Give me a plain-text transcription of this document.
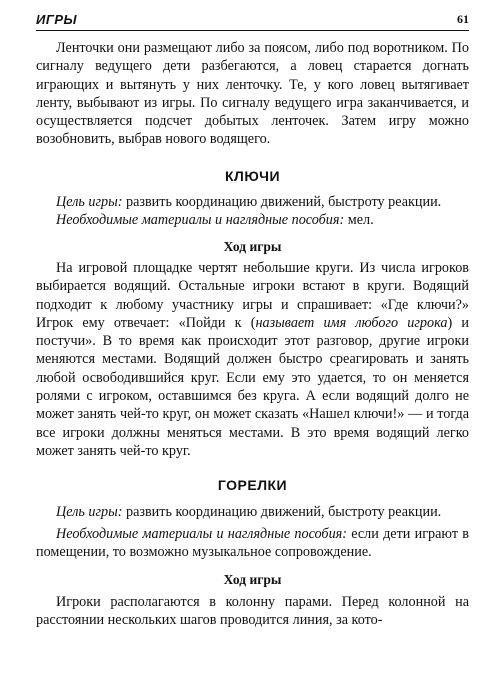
ИГРЫ	61

Ленточки они размещают либо за поясом, либо под воротником. По сигналу ведущего дети разбегаются, а ловец старается догнать играющих и вытянуть у них ленточку. Те, у кого ловец вытягивает ленту, выбывают из игры. По сигналу ведущего игра заканчивается, и осуществляется подсчет добытых ленточек. Затем игру можно возобновить, выбрав нового водящего.

КЛЮЧИ

Цель игры: развить координацию движений, быстроту реакции.

Необходимые материалы и наглядные пособия: мел.

Ход игры

На игровой площадке чертят небольшие круги. Из числа игроков выбирается водящий. Остальные игроки встают в круги. Водящий подходит к любому участнику игры и спрашивает: «Где ключи?» Игрок ему отвечает: «Пойди к (называет имя любого игрока) и постучи». В то время как происходит этот разговор, другие игроки меняются местами. Водящий должен быстро среагировать и занять любой освободившийся круг. Если ему это удается, то он меняется ролями с игроком, оставшимся без круга. А если водящий долго не может занять чей-то круг, он может сказать «Нашел ключи!» — и тогда все игроки должны меняться местами. В это время водящий легко может занять чей-то круг.

ГОРЕЛКИ

Цель игры: развить координацию движений, быстроту реакции.

Необходимые материалы и наглядные пособия: если дети играют в помещении, то возможно музыкальное сопровождение.

Ход игры

Игроки располагаются в колонну парами. Перед колонной на расстоянии нескольких шагов проводится линия, за кото-
